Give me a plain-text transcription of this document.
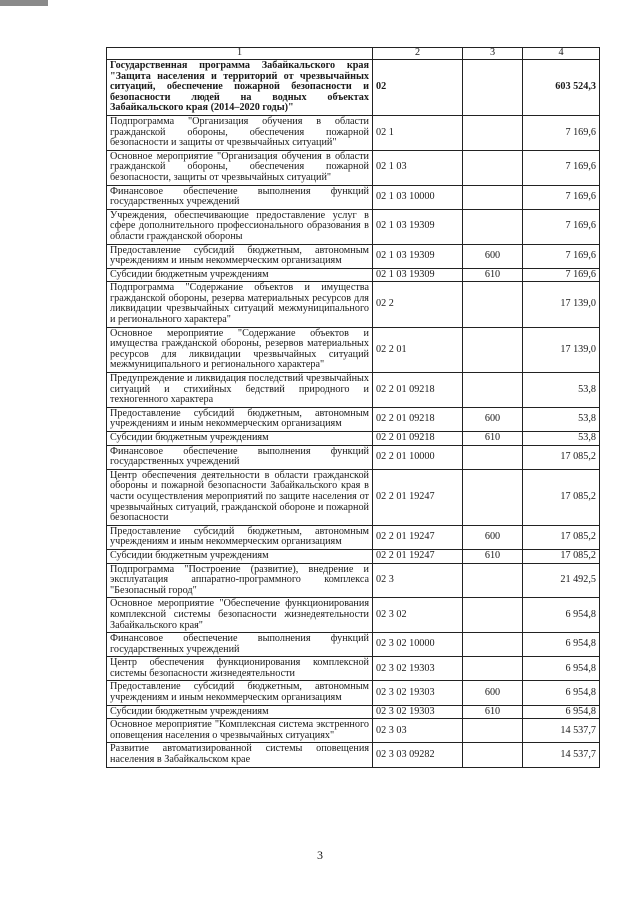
1	2	3	4
Государственная программа Забайкальского края "Защита населения и территорий от чрезвычайных ситуаций, обеспечение пожарной безопасности и безопасности людей на водных объектах Забайкальского края (2014–2020 годы)"	02		603 524,3
Подпрограмма "Организация обучения в области гражданской обороны, обеспечения пожарной безопасности и защиты от чрезвычайных ситуаций"	02 1		7 169,6
Основное мероприятие "Организация обучения в области гражданской обороны, обеспечения пожарной безопасности, защиты от чрезвычайных ситуаций"	02 1 03		7 169,6
Финансовое обеспечение выполнения функций государственных учреждений	02 1 03 10000		7 169,6
Учреждения, обеспечивающие предоставление услуг в сфере дополнительного профессионального образования в области гражданской обороны	02 1 03 19309		7 169,6
Предоставление субсидий бюджетным, автономным учреждениям и иным некоммерческим организациям	02 1 03 19309	600	7 169,6
Субсидии бюджетным учреждениям	02 1 03 19309	610	7 169,6
Подпрограмма "Содержание объектов и имущества гражданской обороны, резерва материальных ресурсов для ликвидации чрезвычайных ситуаций межмуниципального и регионального характера"	02 2		17 139,0
Основное мероприятие "Содержание объектов и имущества гражданской обороны, резервов материальных ресурсов для ликвидации чрезвычайных ситуаций межмуниципального и регионального характера"	02 2 01		17 139,0
Предупреждение и ликвидация последствий чрезвычайных ситуаций и стихийных бедствий природного и техногенного характера	02 2 01 09218		53,8
Предоставление субсидий бюджетным, автономным учреждениям и иным некоммерческим организациям	02 2 01 09218	600	53,8
Субсидии бюджетным учреждениям	02 2 01 09218	610	53,8
Финансовое обеспечение выполнения функций государственных учреждений	02 2 01 10000		17 085,2
Центр обеспечения деятельности в области гражданской обороны и пожарной безопасности Забайкальского края в части осуществления мероприятий по защите населения от чрезвычайных ситуаций, гражданской обороне и пожарной безопасности	02 2 01 19247		17 085,2
Предоставление субсидий бюджетным, автономным учреждениям и иным некоммерческим организациям	02 2 01 19247	600	17 085,2
Субсидии бюджетным учреждениям	02 2 01 19247	610	17 085,2
Подпрограмма "Построение (развитие), внедрение и эксплуатация аппаратно-программного комплекса "Безопасный город"	02 3		21 492,5
Основное мероприятие "Обеспечение функционирования комплексной системы безопасности жизнедеятельности Забайкальского края"	02 3 02		6 954,8
Финансовое обеспечение выполнения функций государственных учреждений	02 3 02 10000		6 954,8
Центр обеспечения функционирования комплексной системы безопасности жизнедеятельности	02 3 02 19303		6 954,8
Предоставление субсидий бюджетным, автономным учреждениям и иным некоммерческим организациям	02 3 02 19303	600	6 954,8
Субсидии бюджетным учреждениям	02 3 02 19303	610	6 954,8
Основное мероприятие "Комплексная система экстренного оповещения населения о чрезвычайных ситуациях"	02 3 03		14 537,7
Развитие автоматизированной системы оповещения населения в Забайкальском крае	02 3 03 09282		14 537,7
3
